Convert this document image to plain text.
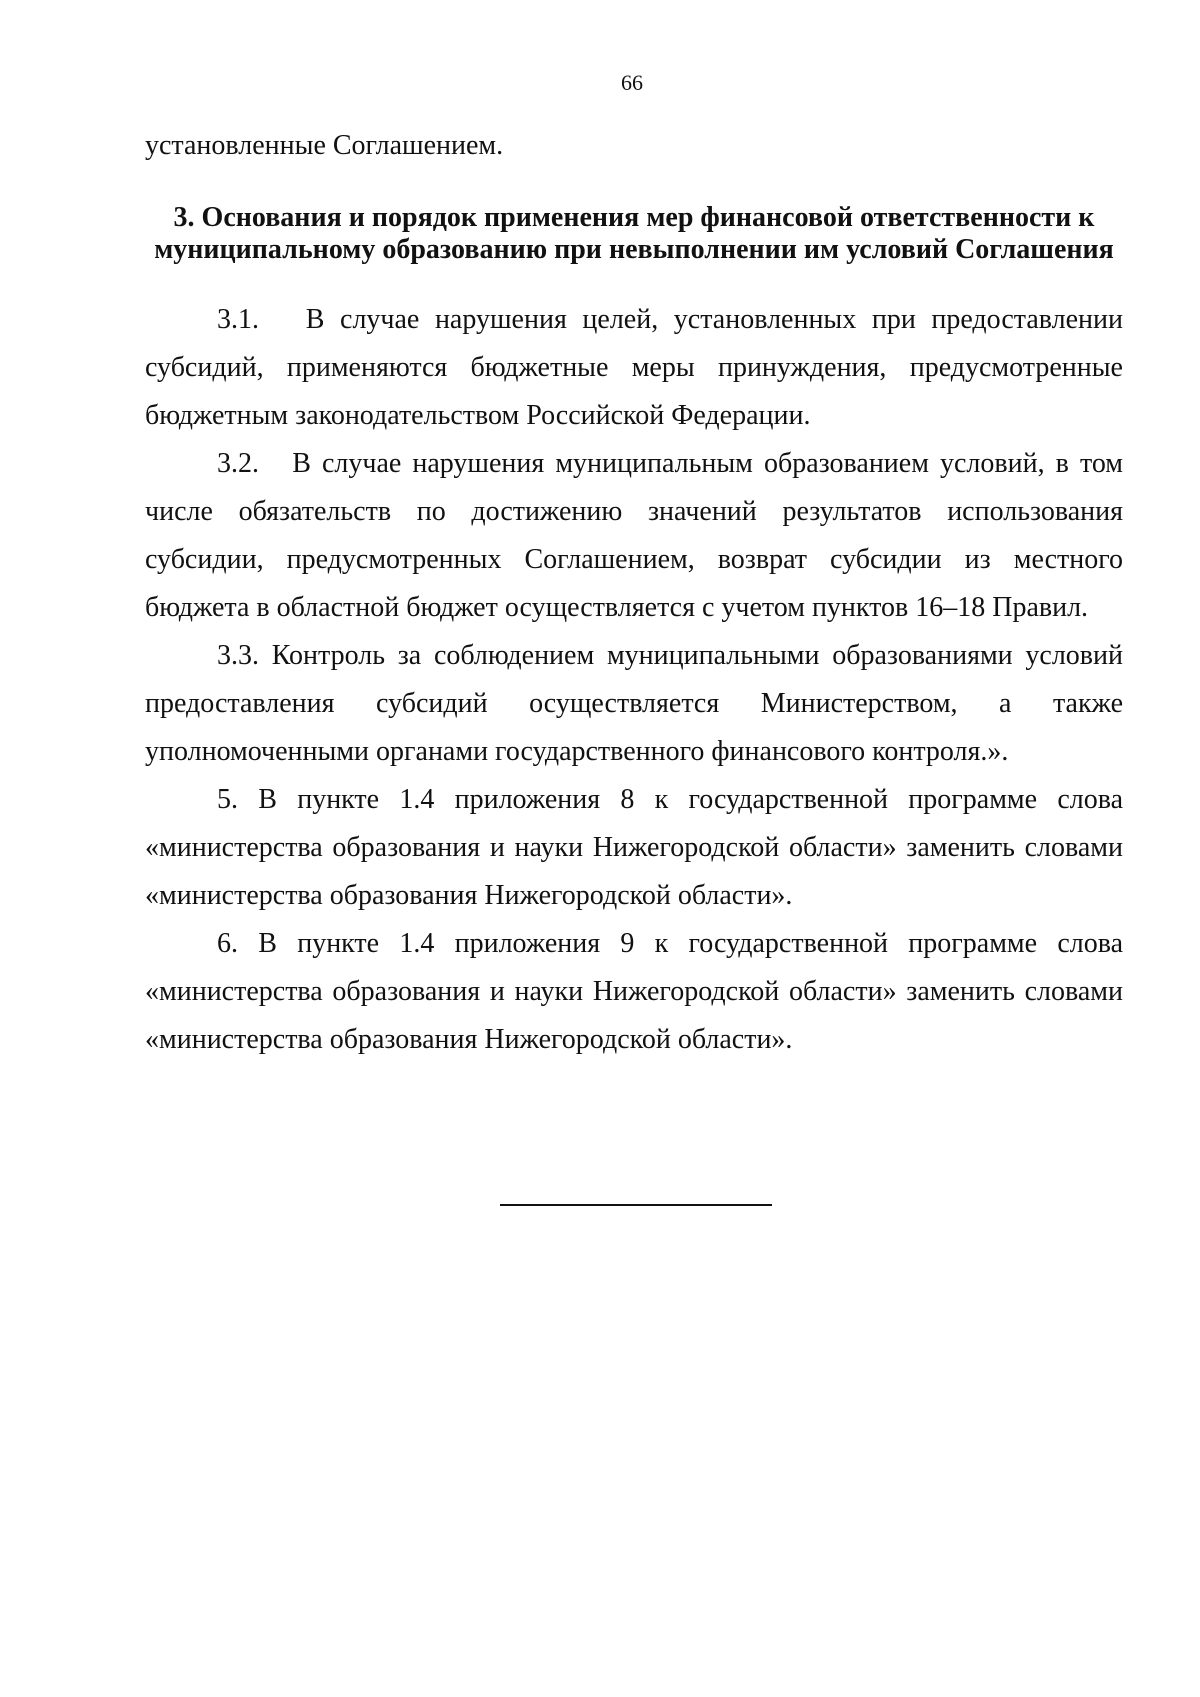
66

установленные Соглашением.

3. Основания и порядок применения мер финансовой ответственности к муниципальному образованию при невыполнении им условий Соглашения

3.1. В случае нарушения целей, установленных при предоставлении субсидий, применяются бюджетные меры принуждения, предусмотренные бюджетным законодательством Российской Федерации.

3.2. В случае нарушения муниципальным образованием условий, в том числе обязательств по достижению значений результатов использования субсидии, предусмотренных Соглашением, возврат субсидии из местного бюджета в областной бюджет осуществляется с учетом пунктов 16–18 Правил.

3.3. Контроль за соблюдением муниципальными образованиями условий предоставления субсидий осуществляется Министерством, а также уполномоченными органами государственного финансового контроля.».

5. В пункте 1.4 приложения 8 к государственной программе слова «министерства образования и науки Нижегородской области» заменить словами «министерства образования Нижегородской области».

6. В пункте 1.4 приложения 9 к государственной программе слова «министерства образования и науки Нижегородской области» заменить словами «министерства образования Нижегородской области».
